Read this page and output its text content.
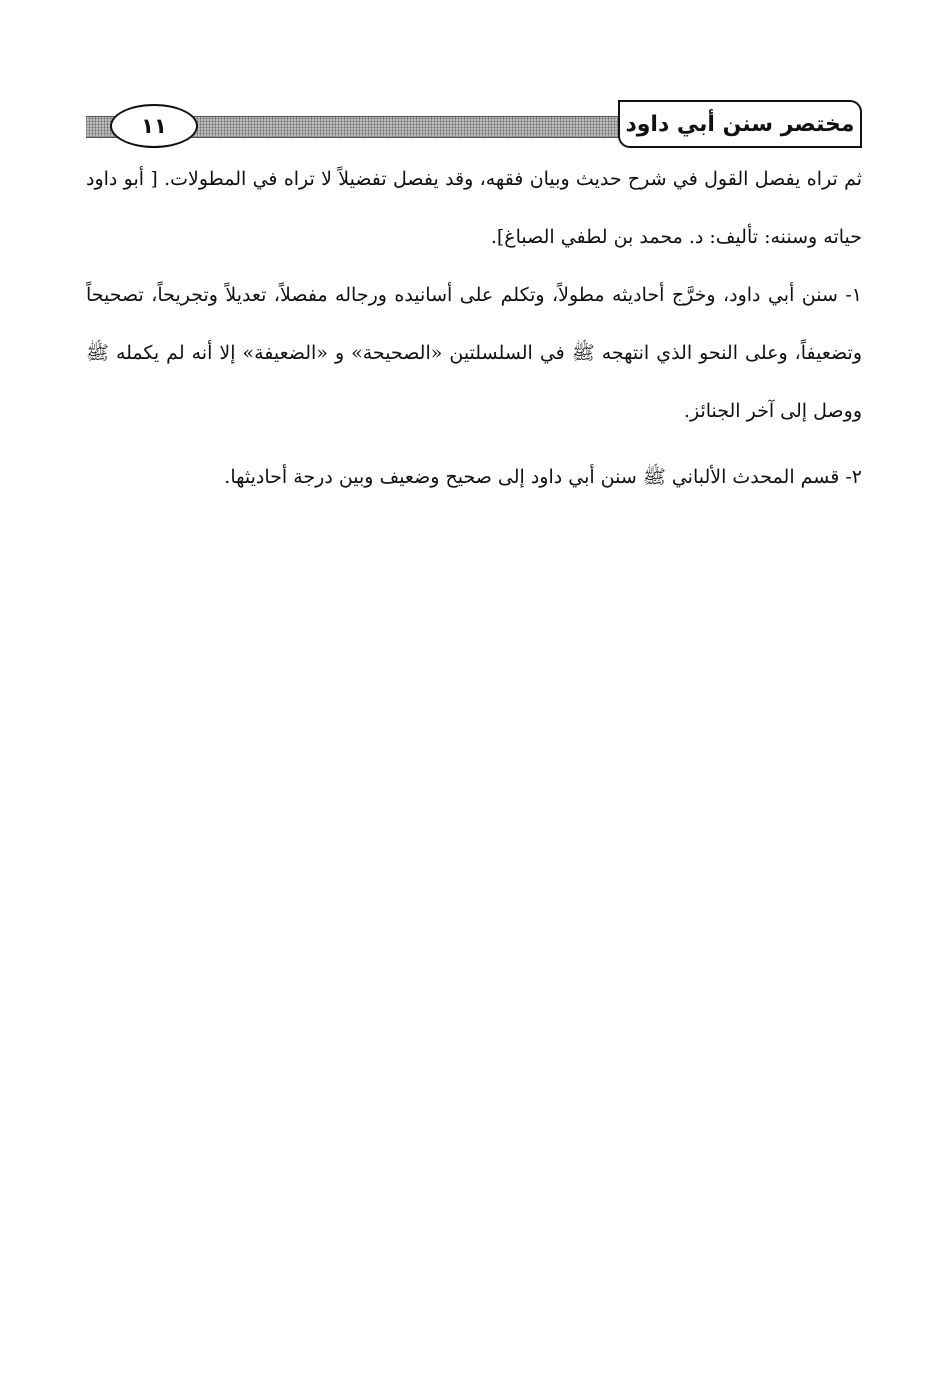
١١	مختصر سنن أبي داود

ثم تراه يفصل القول في شرح حديث وبيان فقهه، وقد يفصل تفضيلاً لا تراه في المطولات. [ أبو داود حياته وسننه: تأليف: د. محمد بن لطفي الصباغ].

١- سنن أبي داود، وخرَّج أحاديثه مطولاً، وتكلم على أسانيده ورجاله مفصلاً، تعديلاً وتجريحاً، تصحيحاً وتضعيفاً، وعلى النحو الذي انتهجه ﷺ في السلسلتين «الصحيحة» و «الضعيفة» إلا أنه لم يكمله ﷺ ووصل إلى آخر الجنائز.

٢- قسم المحدث الألباني ﷺ سنن أبي داود إلى صحيح وضعيف وبين درجة أحاديثها.
